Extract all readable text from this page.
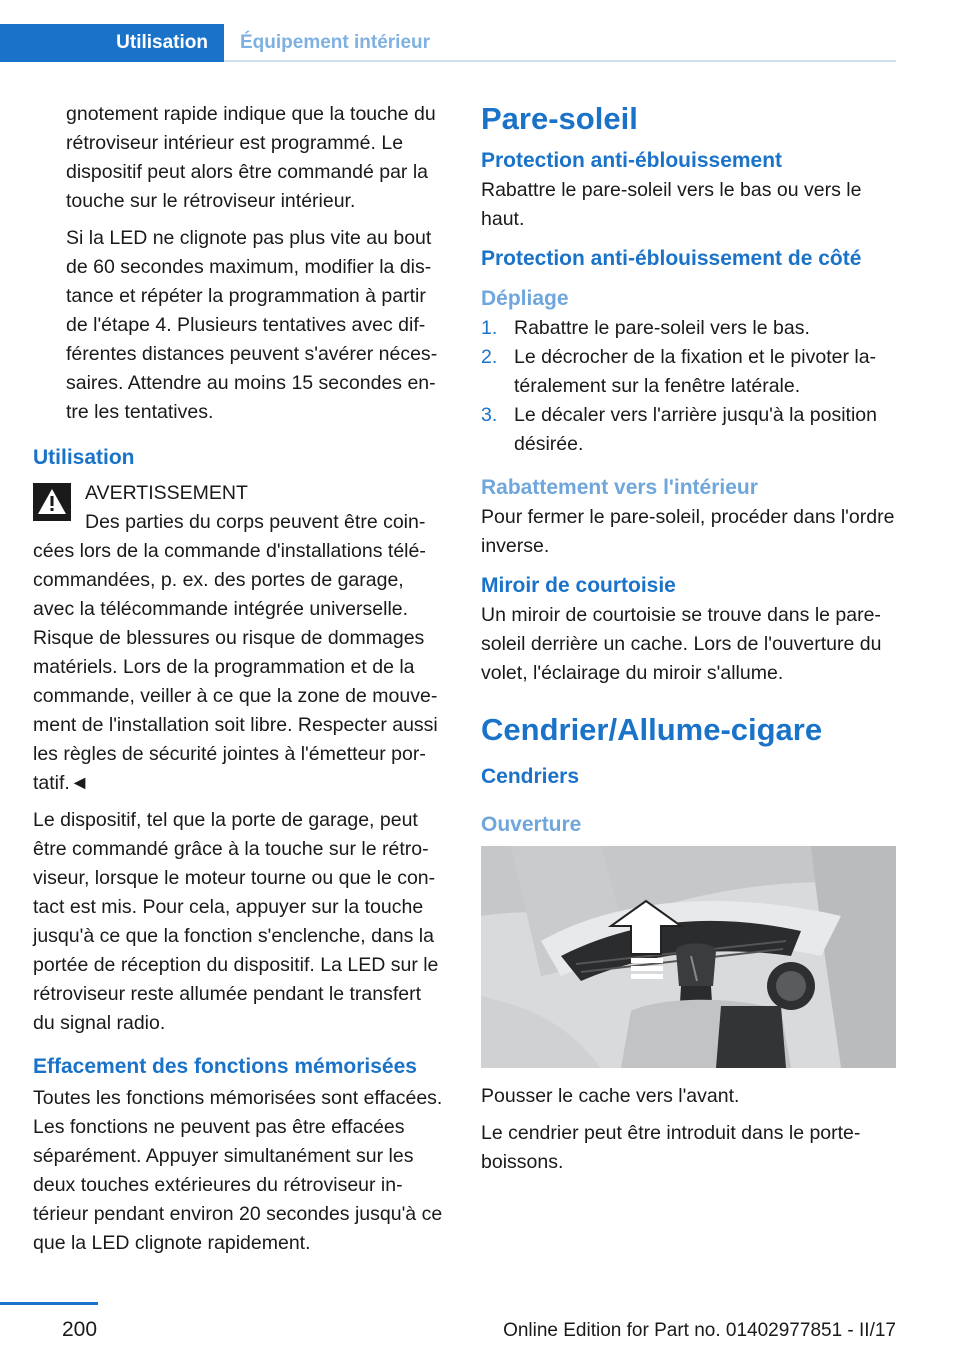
Utilisation	Équipement intérieur

gnotement rapide indique que la touche du rétroviseur intérieur est programmé. Le dispositif peut alors être commandé par la touche sur le rétroviseur intérieur.

Si la LED ne clignote pas plus vite au bout de 60 secondes maximum, modifier la distance et répéter la programmation à partir de l'étape 4. Plusieurs tentatives avec différentes distances peuvent s'avérer nécessaires. Attendre au moins 15 secondes entre les tentatives.

Utilisation
AVERTISSEMENT

Des parties du corps peuvent être coincées lors de la commande d'installations télécommandées, p. ex. des portes de garage, avec la télécommande intégrée universelle. Risque de blessures ou risque de dommages matériels. Lors de la programmation et de la commande, veiller à ce que la zone de mouvement de l'installation soit libre. Respecter aussi les règles de sécurité jointes à l'émetteur portatif.◄

Le dispositif, tel que la porte de garage, peut être commandé grâce à la touche sur le rétroviseur, lorsque le moteur tourne ou que le contact est mis. Pour cela, appuyer sur la touche jusqu'à ce que la fonction s'enclenche, dans la portée de réception du dispositif. La LED sur le rétroviseur reste allumée pendant le transfert du signal radio.

Effacement des fonctions mémorisées

Toutes les fonctions mémorisées sont effacées. Les fonctions ne peuvent pas être effacées séparément. Appuyer simultanément sur les deux touches extérieures du rétroviseur intérieur pendant environ 20 secondes jusqu'à ce que la LED clignote rapidement.

Pare-soleil
Protection anti-éblouissement

Rabattre le pare-soleil vers le bas ou vers le haut.

Protection anti-éblouissement de côté
Dépliage
1. Rabattre le pare-soleil vers le bas.
2. Le décrocher de la fixation et le pivoter latéralement sur la fenêtre latérale.
3. Le décaler vers l'arrière jusqu'à la position désirée.
Rabattement vers l'intérieur

Pour fermer le pare-soleil, procéder dans l'ordre inverse.

Miroir de courtoisie

Un miroir de courtoisie se trouve dans le pare-soleil derrière un cache. Lors de l'ouverture du volet, l'éclairage du miroir s'allume.

Cendrier/Allume-cigare
Cendriers
Ouverture

Pousser le cache vers l'avant.

Le cendrier peut être introduit dans le porte-boissons.

200	Online Edition for Part no. 01402977851 - II/17
